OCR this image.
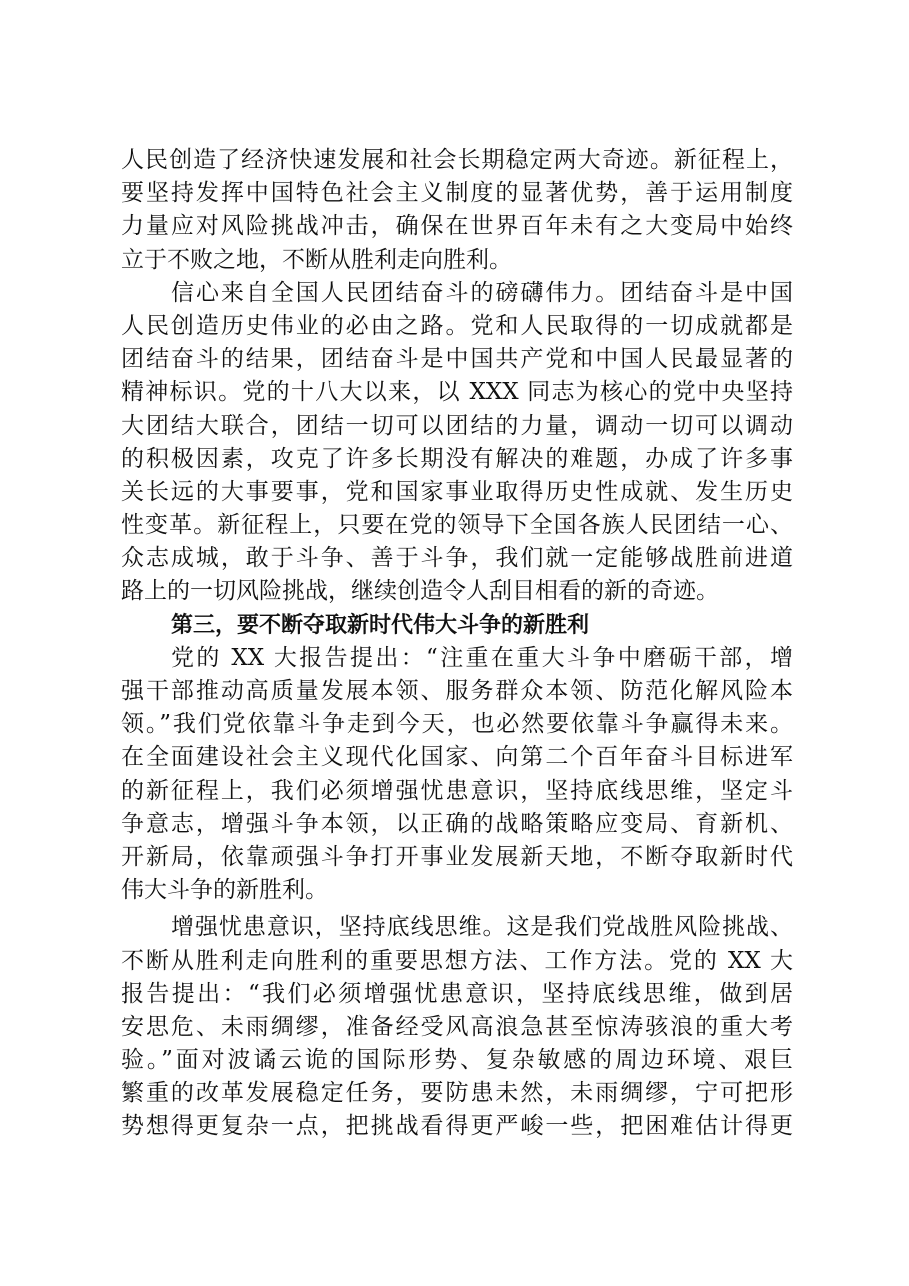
人民创造了经济快速发展和社会长期稳定两大奇迹。新征程上，
要坚持发挥中国特色社会主义制度的显著优势，善于运用制度
力量应对风险挑战冲击，确保在世界百年未有之大变局中始终
立于不败之地，不断从胜利走向胜利。
信心来自全国人民团结奋斗的磅礴伟力。团结奋斗是中国
人民创造历史伟业的必由之路。党和人民取得的一切成就都是
团结奋斗的结果，团结奋斗是中国共产党和中国人民最显著的
精神标识。党的十八大以来，以 XXX 同志为核心的党中央坚持
大团结大联合，团结一切可以团结的力量，调动一切可以调动
的积极因素，攻克了许多长期没有解决的难题，办成了许多事
关长远的大事要事，党和国家事业取得历史性成就、发生历史
性变革。新征程上，只要在党的领导下全国各族人民团结一心、
众志成城，敢于斗争、善于斗争，我们就一定能够战胜前进道
路上的一切风险挑战，继续创造令人刮目相看的新的奇迹。
第三，要不断夺取新时代伟大斗争的新胜利
党的 XX 大报告提出：“注重在重大斗争中磨砺干部，增
强干部推动高质量发展本领、服务群众本领、防范化解风险本
领。”我们党依靠斗争走到今天，也必然要依靠斗争赢得未来。
在全面建设社会主义现代化国家、向第二个百年奋斗目标进军
的新征程上，我们必须增强忧患意识，坚持底线思维，坚定斗
争意志，增强斗争本领，以正确的战略策略应变局、育新机、
开新局，依靠顽强斗争打开事业发展新天地，不断夺取新时代
伟大斗争的新胜利。
增强忧患意识，坚持底线思维。这是我们党战胜风险挑战、
不断从胜利走向胜利的重要思想方法、工作方法。党的 XX 大
报告提出：“我们必须增强忧患意识，坚持底线思维，做到居
安思危、未雨绸缪，准备经受风高浪急甚至惊涛骇浪的重大考
验。”面对波谲云诡的国际形势、复杂敏感的周边环境、艰巨
繁重的改革发展稳定任务，要防患未然，未雨绸缪，宁可把形
势想得更复杂一点，把挑战看得更严峻一些，把困难估计得更
